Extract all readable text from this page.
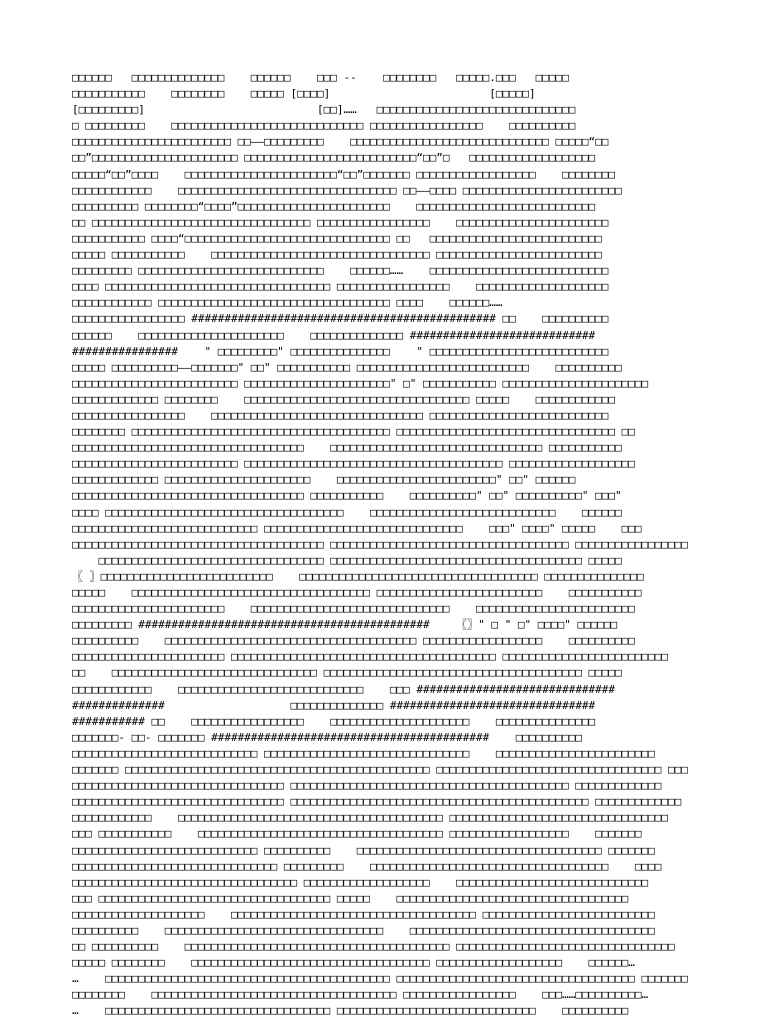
□□□□□□   □□□□□□□□□□□□□□    □□□□□□    □□□ --    □□□□□□□□   □□□□□.□□□   □□□□□
□□□□□□□□□□□    □□□□□□□□    □□□□□ [□□□□]                        [□□□□□]
[□□□□□□□□□]                          [□□]……   □□□□□□□□□□□□□□□□□□□□□□□□□□□□□□
□ □□□□□□□□□    □□□□□□□□□□□□□□□□□□□□□□□□□□□□□ □□□□□□□□□□□□□□□□□    □□□□□□□□□□
□□□□□□□□□□□□□□□□□□□□□□□□ □□——□□□□□□□□□    □□□□□□□□□□□□□□□□□□□□□□□□□□□□□□ □□□□□“□□
□□”□□□□□□□□□□□□□□□□□□□□□□ □□□□□□□□□□□□□□□□□□□□□□□□□□“□□”□   □□□□□□□□□□□□□□□□□□□
□□□□□“□□”□□□□    □□□□□□□□□□□□□□□□□□□□□□□“□□”□□□□□□□ □□□□□□□□□□□□□□□□□□    □□□□□□□□
□□□□□□□□□□□□    □□□□□□□□□□□□□□□□□□□□□□□□□□□□□□□□□ □□——□□□□ □□□□□□□□□□□□□□□□□□□□□□□□
□□□□□□□□□□ □□□□□□□□“□□□□”□□□□□□□□□□□□□□□□□□□□□□□    □□□□□□□□□□□□□□□□□□□□□□□□□□□
□□ □□□□□□□□□□□□□□□□□□□□□□□□□□□□□□□□□ □□□□□□□□□□□□□□□□□    □□□□□□□□□□□□□□□□□□□□□□□
□□□□□□□□□□□ □□□□“□□□□□□□□□□□□□□□□□□□□□□□□□□□□□□□ □□   □□□□□□□□□□□□□□□□□□□□□□□□□□
□□□□□ □□□□□□□□□□□    □□□□□□□□□□□□□□□□□□□□□□□□□□□□□□□□□ □□□□□□□□□□□□□□□□□□□□□□□□□
□□□□□□□□□ □□□□□□□□□□□□□□□□□□□□□□□□□□□□    □□□□□□……    □□□□□□□□□□□□□□□□□□□□□□□□□□□
□□□□ □□□□□□□□□□□□□□□□□□□□□□□□□□□□□□□□□□ □□□□□□□□□□□□□□□□□    □□□□□□□□□□□□□□□□□□□□
□□□□□□□□□□□□ □□□□□□□□□□□□□□□□□□□□□□□□□□□□□□□□□□□ □□□□    □□□□□□……
□□□□□□□□□□□□□□□□□ ############################################## □□    □□□□□□□□□□
□□□□□□    □□□□□□□□□□□□□□□□□□□□□□    □□□□□□□□□□□□□□ ############################
################    " □□□□□□□□□" □□□□□□□□□□□□□□□    " □□□□□□□□□□□□□□□□□□□□□□□□□□□
□□□□□ □□□□□□□□□□——□□□□□□□" □□" □□□□□□□□□□□ □□□□□□□□□□□□□□□□□□□□□□□□□□    □□□□□□□□□□
□□□□□□□□□□□□□□□□□□□□□□□□□ □□□□□□□□□□□□□□□□□□□□□□" □" □□□□□□□□□□□ □□□□□□□□□□□□□□□□□□□□□□
□□□□□□□□□□□□□ □□□□□□□□    □□□□□□□□□□□□□□□□□□□□□□□□□□□□□□□□□□ □□□□□    □□□□□□□□□□□□
□□□□□□□□□□□□□□□□□    □□□□□□□□□□□□□□□□□□□□□□□□□□□□□□□□ □□□□□□□□□□□□□□□□□□□□□□□□□□□
□□□□□□□□ □□□□□□□□□□□□□□□□□□□□□□□□□□□□□□□□□□□□□□□ □□□□□□□□□□□□□□□□□□□□□□□□□□□□□□□□□ □□
□□□□□□□□□□□□□□□□□□□□□□□□□□□□□□□□□□□    □□□□□□□□□□□□□□□□□□□□□□□□□□□□□□□□ □□□□□□□□□□□
□□□□□□□□□□□□□□□□□□□□□□□□□ □□□□□□□□□□□□□□□□□□□□□□□□□□□□□□□□□□□□□□□ □□□□□□□□□□□□□□□□□□□
□□□□□□□□□□□□□ □□□□□□□□□□□□□□□□□□□□□□    □□□□□□□□□□□□□□□□□□□□□□□□" □□" □□□□□□
□□□□□□□□□□□□□□□□□□□□□□□□□□□□□□□□□□□ □□□□□□□□□□□    □□□□□□□□□□" □□" □□□□□□□□□□" □□□"
□□□□ □□□□□□□□□□□□□□□□□□□□□□□□□□□□□□□□□□□□    □□□□□□□□□□□□□□□□□□□□□□□□□□□□    □□□□□□
□□□□□□□□□□□□□□□□□□□□□□□□□□□□ □□□□□□□□□□□□□□□□□□□□□□□□□□□□□□    □□□" □□□□" □□□□□    □□□
□□□□□□□□□□□□□□□□□□□□□□□□□□□□□□□□□□□□□□ □□□□□□□□□□□□□□□□□□□□□□□□□□□□□□□□□□□□ □□□□□□□□□□□□□□□□□
□□□□□□□□□□□□□□□□□□□□□□□□□□□□□□□□□□ □□□□□□□□□□□□□□□□□□□□□□□□□□□□□□□□□□□□□□ □□□□□
〖 〗□□□□□□□□□□□□□□□□□□□□□□□□□□    □□□□□□□□□□□□□□□□□□□□□□□□□□□□□□□□□□□□ □□□□□□□□□□□□□□□
□□□□□    □□□□□□□□□□□□□□□□□□□□□□□□□□□□□□□□□□□□ □□□□□□□□□□□□□□□□□□□□□□□□□    □□□□□□□□□□□
□□□□□□□□□□□□□□□□□□□□□□□    □□□□□□□□□□□□□□□□□□□□□□□□□□□□□□    □□□□□□□□□□□□□□□□□□□□□□□□
□□□□□□□□□ ############################################    〖〗" □ " □" □□□□" □□□□□□
□□□□□□□□□□    □□□□□□□□□□□□□□□□□□□□□□□□□□□□□□□□□□□□□□ □□□□□□□□□□□□□□□□□□    □□□□□□□□□□
□□□□□□□□□□□□□□□□□□□□□□□ □□□□□□□□□□□□□□□□□□□□□□□□□□□□□□□□□□□□□□□□ □□□□□□□□□□□□□□□□□□□□□□□□□
□□    □□□□□□□□□□□□□□□□□□□□□□□□□□□□□□□ □□□□□□□□□□□□□□□□□□□□□□□□□□□□□□□□□□□□□□□ □□□□□
□□□□□□□□□□□□    □□□□□□□□□□□□□□□□□□□□□□□□□□□□    □□□ ##############################
##############                   □□□□□□□□□□□□□□ ###############################
########### □□    □□□□□□□□□□□□□□□□□    □□□□□□□□□□□□□□□□□□□□□    □□□□□□□□□□□□□□□
□□□□□□□- □□- □□□□□□□ ##########################################    □□□□□□□□□□
□□□□□□□□□□□□□□□□□□□□□□□□□□□□ □□□□□□□□□□□□□□□□□□□□□□□□□□□□□□□    □□□□□□□□□□□□□□□□□□□□□□□□
□□□□□□□ □□□□□□□□□□□□□□□□□□□□□□□□□□□□□□□□□□□□□□□□□□□□□□ □□□□□□□□□□□□□□□□□□□□□□□□□□□□□□□□□□ □□□
□□□□□□□□□□□□□□□□□□□□□□□□□□□□□□□□ □□□□□□□□□□□□□□□□□□□□□□□□□□□□□□□□□□□□□□□□□□ □□□□□□□□□□□□□
□□□□□□□□□□□□□□□□□□□□□□□□□□□□□□□□ □□□□□□□□□□□□□□□□□□□□□□□□□□□□□□□□□□□□□□□□□□□□□ □□□□□□□□□□□□□
□□□□□□□□□□□□    □□□□□□□□□□□□□□□□□□□□□□□□□□□□□□□□□□□□□□□□ □□□□□□□□□□□□□□□□□□□□□□□□□□□□□□□□□
□□□ □□□□□□□□□□□    □□□□□□□□□□□□□□□□□□□□□□□□□□□□□□□□□□□□□ □□□□□□□□□□□□□□□□□□    □□□□□□□
□□□□□□□□□□□□□□□□□□□□□□□□□□□□ □□□□□□□□□□    □□□□□□□□□□□□□□□□□□□□□□□□□□□□□□□□□□□□□ □□□□□□□
□□□□□□□□□□□□□□□□□□□□□□□□□□□□□□□ □□□□□□□□□    □□□□□□□□□□□□□□□□□□□□□□□□□□□□□□□□□□□□    □□□□
□□□□□□□□□□□□□□□□□□□□□□□□□□□□□□□□□□ □□□□□□□□□□□□□□□□□□□    □□□□□□□□□□□□□□□□□□□□□□□□□□□□□
□□□ □□□□□□□□□□□□□□□□□□□□□□□□□□□□□□□□□□□ □□□□□    □□□□□□□□□□□□□□□□□□□□□□□□□□□□□□□□□□□
□□□□□□□□□□□□□□□□□□□□    □□□□□□□□□□□□□□□□□□□□□□□□□□□□□□□□□□□□□ □□□□□□□□□□□□□□□□□□□□□□□□□□
□□□□□□□□□□    □□□□□□□□□□□□□□□□□□□□□□□□□□□□□□□□□    □□□□□□□□□□□□□□□□□□□□□□□□□□□□□□□□□□□□□
□□ □□□□□□□□□□    □□□□□□□□□□□□□□□□□□□□□□□□□□□□□□□□□□□□□□□□ □□□□□□□□□□□□□□□□□□□□□□□□□□□□□□□□□
□□□□□ □□□□□□□□    □□□□□□□□□□□□□□□□□□□□□□□□□□□□□□□□□□□□ □□□□□□□□□□□□□□□□□□□    □□□□□□…
…    □□□□□□□□□□□□□□□□□□□□□□□□□□□□□□□□□□□□□□□□□□□ □□□□□□□□□□□□□□□□□□□□□□□□□□□□□□□□□□□□ □□□□□□□
□□□□□□□□    □□□□□□□□□□□□□□□□□□□□□□□□□□□□□□□□□□□□□ □□□□□□□□□□□□□□□□□    □□□……□□□□□□□□□□…
…    □□□□□□□□□□□□□□□□□□□□□□□□□□□□□□□□□□ □□□□□□□□□□□□□□□□□□□□□□□□□□□□□□    □□□□□□□□□□
